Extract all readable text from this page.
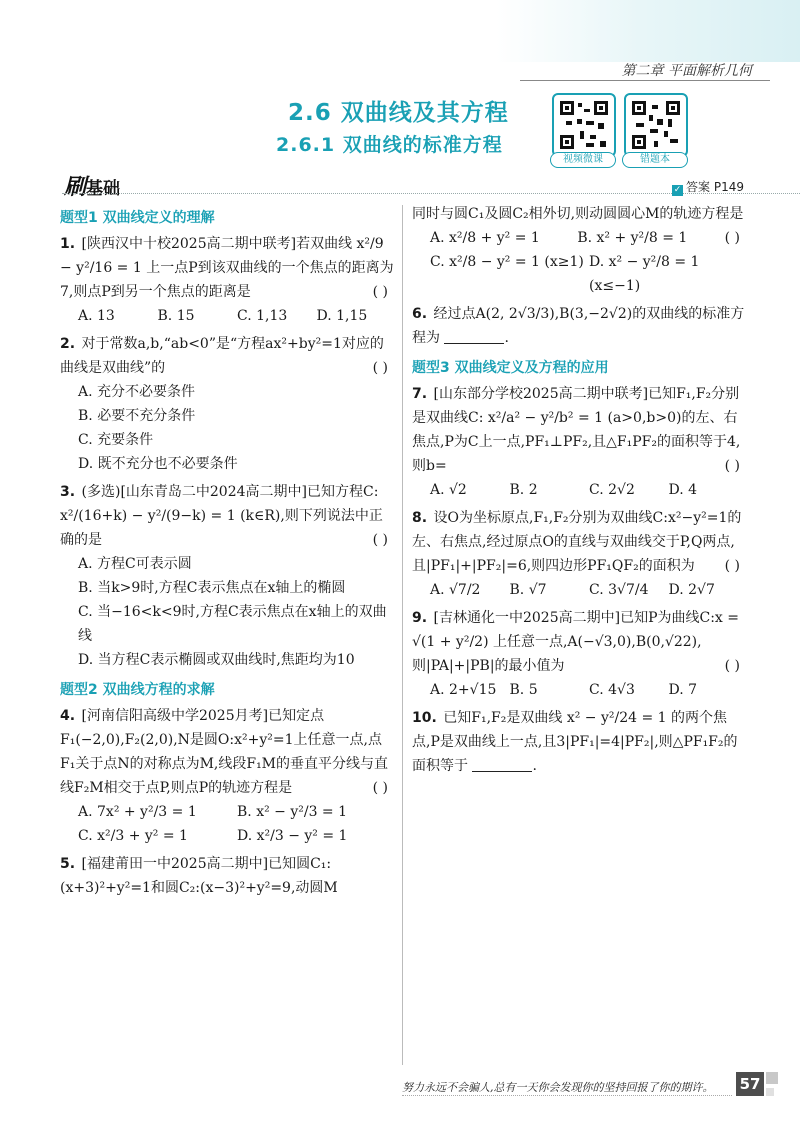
第二章 平面解析几何
2.6 双曲线及其方程
2.6.1 双曲线的标准方程
视频微课	错题本
刷基础	✓ 答案 P149
题型1 双曲线定义的理解
1. [陕西汉中十校2025高二期中联考]若双曲线 x²/9 − y²/16 = 1 上一点P到该双曲线的一个焦点的距离为7,则点P到另一个焦点的距离是	( )
A. 13	B. 15	C. 1,13	D. 1,15
2. 对于常数a,b,“ab<0”是“方程ax²+by²=1对应的曲线是双曲线”的	( )
A. 充分不必要条件
B. 必要不充分条件
C. 充要条件
D. 既不充分也不必要条件
3. (多选)[山东青岛二中2024高二期中]已知方程C: x²/(16+k) − y²/(9−k) = 1 (k∈R),则下列说法中正确的是	( )
A. 方程C可表示圆
B. 当k>9时,方程C表示焦点在x轴上的椭圆
C. 当−16<k<9时,方程C表示焦点在x轴上的双曲线
D. 当方程C表示椭圆或双曲线时,焦距均为10
题型2 双曲线方程的求解
4. [河南信阳高级中学2025月考]已知定点F₁(−2,0),F₂(2,0),N是圆O:x²+y²=1上任意一点,点F₁关于点N的对称点为M,线段F₁M的垂直平分线与直线F₂M相交于点P,则点P的轨迹方程是	( )
A. 7x² + y²/3 = 1	B. x² − y²/3 = 1
C. x²/3 + y² = 1	D. x²/3 − y² = 1
5. [福建莆田一中2025高二期中]已知圆C₁:(x+3)²+y²=1和圆C₂:(x−3)²+y²=9,动圆M
同时与圆C₁及圆C₂相外切,则动圆圆心M的轨迹方程是
( )
A. x²/8 + y² = 1	B. x² + y²/8 = 1
C. x²/8 − y² = 1 (x≥1) D. x² − y²/8 = 1 (x≤−1)
6. 经过点A(2, 2√3/3),B(3,−2√2)的双曲线的标准方程为	.
题型3 双曲线定义及方程的应用
7. [山东部分学校2025高二期中联考]已知F₁,F₂分别是双曲线C: x²/a² − y²/b² = 1 (a>0,b>0)的左、右焦点,P为C上一点,PF₁⊥PF₂,且△F₁PF₂的面积等于4,则b=	( )
A. √2	B. 2	C. 2√2	D. 4
8. 设O为坐标原点,F₁,F₂分别为双曲线C:x²−y²=1的左、右焦点,经过原点O的直线与双曲线交于P,Q两点,且|PF₁|+|PF₂|=6,则四边形PF₁QF₂的面积为 ( )
A. √7/2	B. √7	C. 3√7/4	D. 2√7
9. [吉林通化一中2025高二期中]已知P为曲线C:x = √(1 + y²/2) 上任意一点,A(−√3,0),B(0,√22),则|PA|+|PB|的最小值为	( )
A. 2+√15 B. 5	C. 4√3	D. 7
10. 已知F₁,F₂是双曲线 x² − y²/24 = 1 的两个焦点,P是双曲线上一点,且3|PF₁|=4|PF₂|,则△PF₁F₂的面积等于	.
努力永远不会骗人,总有一天你会发现你的坚持回报了你的期许。	57
